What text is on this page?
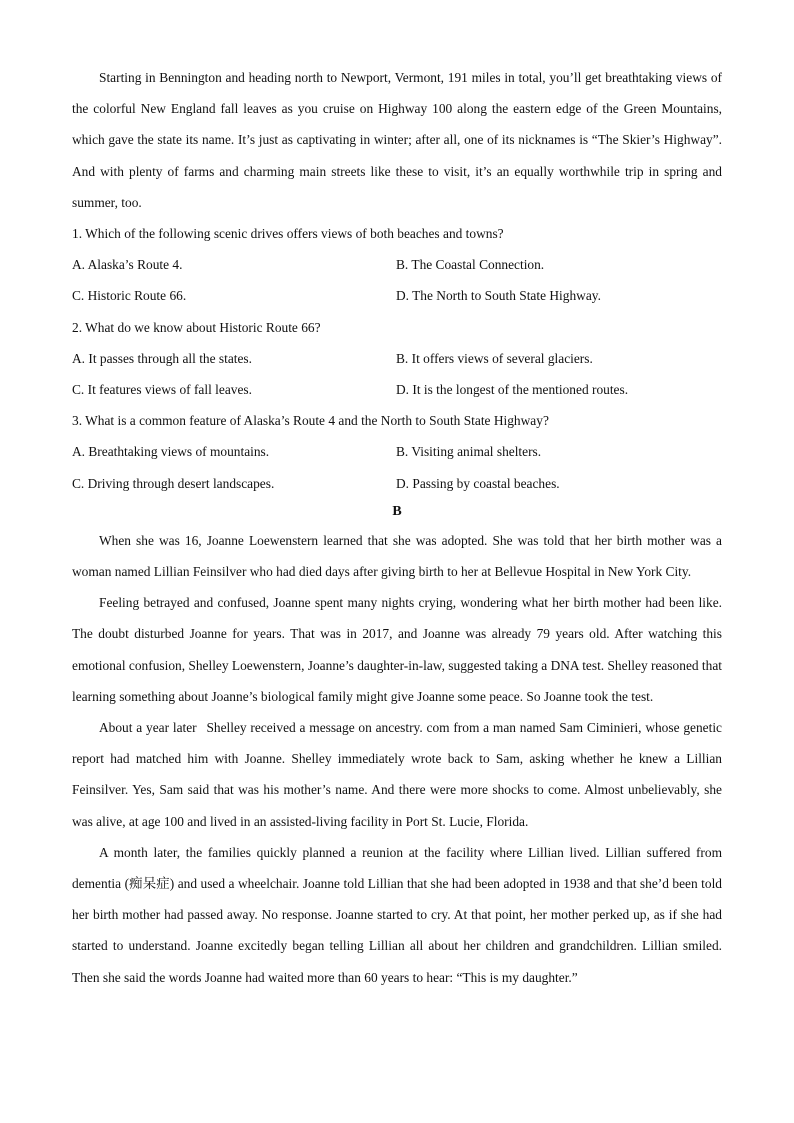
Starting in Bennington and heading north to Newport, Vermont, 191 miles in total, you’ll get breathtaking views of the colorful New England fall leaves as you cruise on Highway 100 along the eastern edge of the Green Mountains, which gave the state its name. It’s just as captivating in winter; after all, one of its nicknames is “The Skier’s Highway”. And with plenty of farms and charming main streets like these to visit, it’s an equally worthwhile trip in spring and summer, too.

1. Which of the following scenic drives offers views of both beaches and towns?

A. Alaska’s Route 4.	B. The Coastal Connection.
C. Historic Route 66.	D. The North to South State Highway.

2. What do we know about Historic Route 66?

A. It passes through all the states.	B. It offers views of several glaciers.
C. It features views of fall leaves.	D. It is the longest of the mentioned routes.

3. What is a common feature of Alaska’s Route 4 and the North to South State Highway?

A. Breathtaking views of mountains.	B. Visiting animal shelters.
C. Driving through desert landscapes.	D. Passing by coastal beaches.

B

When she was 16, Joanne Loewenstern learned that she was adopted. She was told that her birth mother was a woman named Lillian Feinsilver who had died days after giving birth to her at Bellevue Hospital in New York City.

Feeling betrayed and confused, Joanne spent many nights crying, wondering what her birth mother had been like. The doubt disturbed Joanne for years. That was in 2017, and Joanne was already 79 years old. After watching this emotional confusion, Shelley Loewenstern, Joanne’s daughter-in-law, suggested taking a DNA test. Shelley reasoned that learning something about Joanne’s biological family might give Joanne some peace. So Joanne took the test.

About a year later Shelley received a message on ancestry. com from a man named Sam Ciminieri, whose genetic report had matched him with Joanne. Shelley immediately wrote back to Sam, asking whether he knew a Lillian Feinsilver. Yes, Sam said that was his mother’s name. And there were more shocks to come. Almost unbelievably, she was alive, at age 100 and lived in an assisted-living facility in Port St. Lucie, Florida.

A month later, the families quickly planned a reunion at the facility where Lillian lived. Lillian suffered from dementia (痴呆症) and used a wheelchair. Joanne told Lillian that she had been adopted in 1938 and that she’d been told her birth mother had passed away. No response. Joanne started to cry. At that point, her mother perked up, as if she had started to understand. Joanne excitedly began telling Lillian all about her children and grandchildren. Lillian smiled. Then she said the words Joanne had waited more than 60 years to hear: “This is my daughter.”
